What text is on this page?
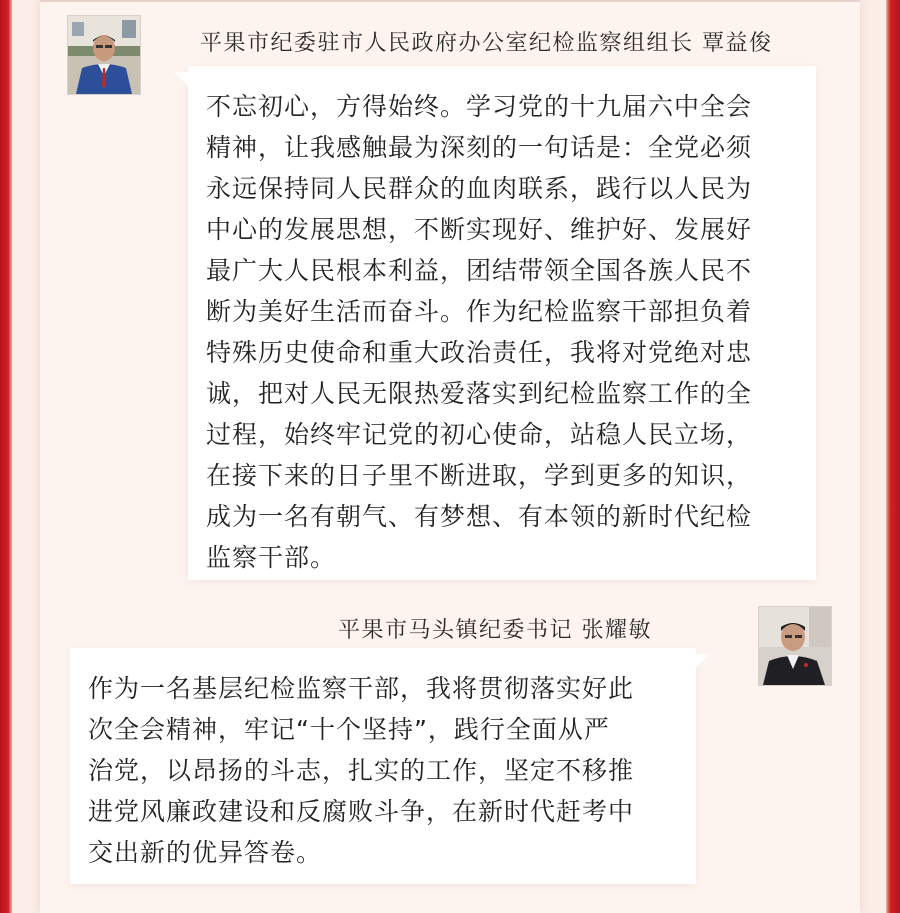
平果市纪委驻市人民政府办公室纪检监察组组长 覃益俊

不忘初心，方得始终。学习党的十九届六中全会
精神，让我感触最为深刻的一句话是：全党必须
永远保持同人民群众的血肉联系，践行以人民为
中心的发展思想，不断实现好、维护好、发展好
最广大人民根本利益，团结带领全国各族人民不
断为美好生活而奋斗。作为纪检监察干部担负着
特殊历史使命和重大政治责任，我将对党绝对忠
诚，把对人民无限热爱落实到纪检监察工作的全
过程，始终牢记党的初心使命，站稳人民立场，
在接下来的日子里不断进取，学到更多的知识，
成为一名有朝气、有梦想、有本领的新时代纪检
监察干部。

平果市马头镇纪委书记 张耀敏

作为一名基层纪检监察干部，我将贯彻落实好此
次全会精神，牢记“十个坚持”，践行全面从严
治党，以昂扬的斗志，扎实的工作，坚定不移推
进党风廉政建设和反腐败斗争，在新时代赶考中
交出新的优异答卷。
